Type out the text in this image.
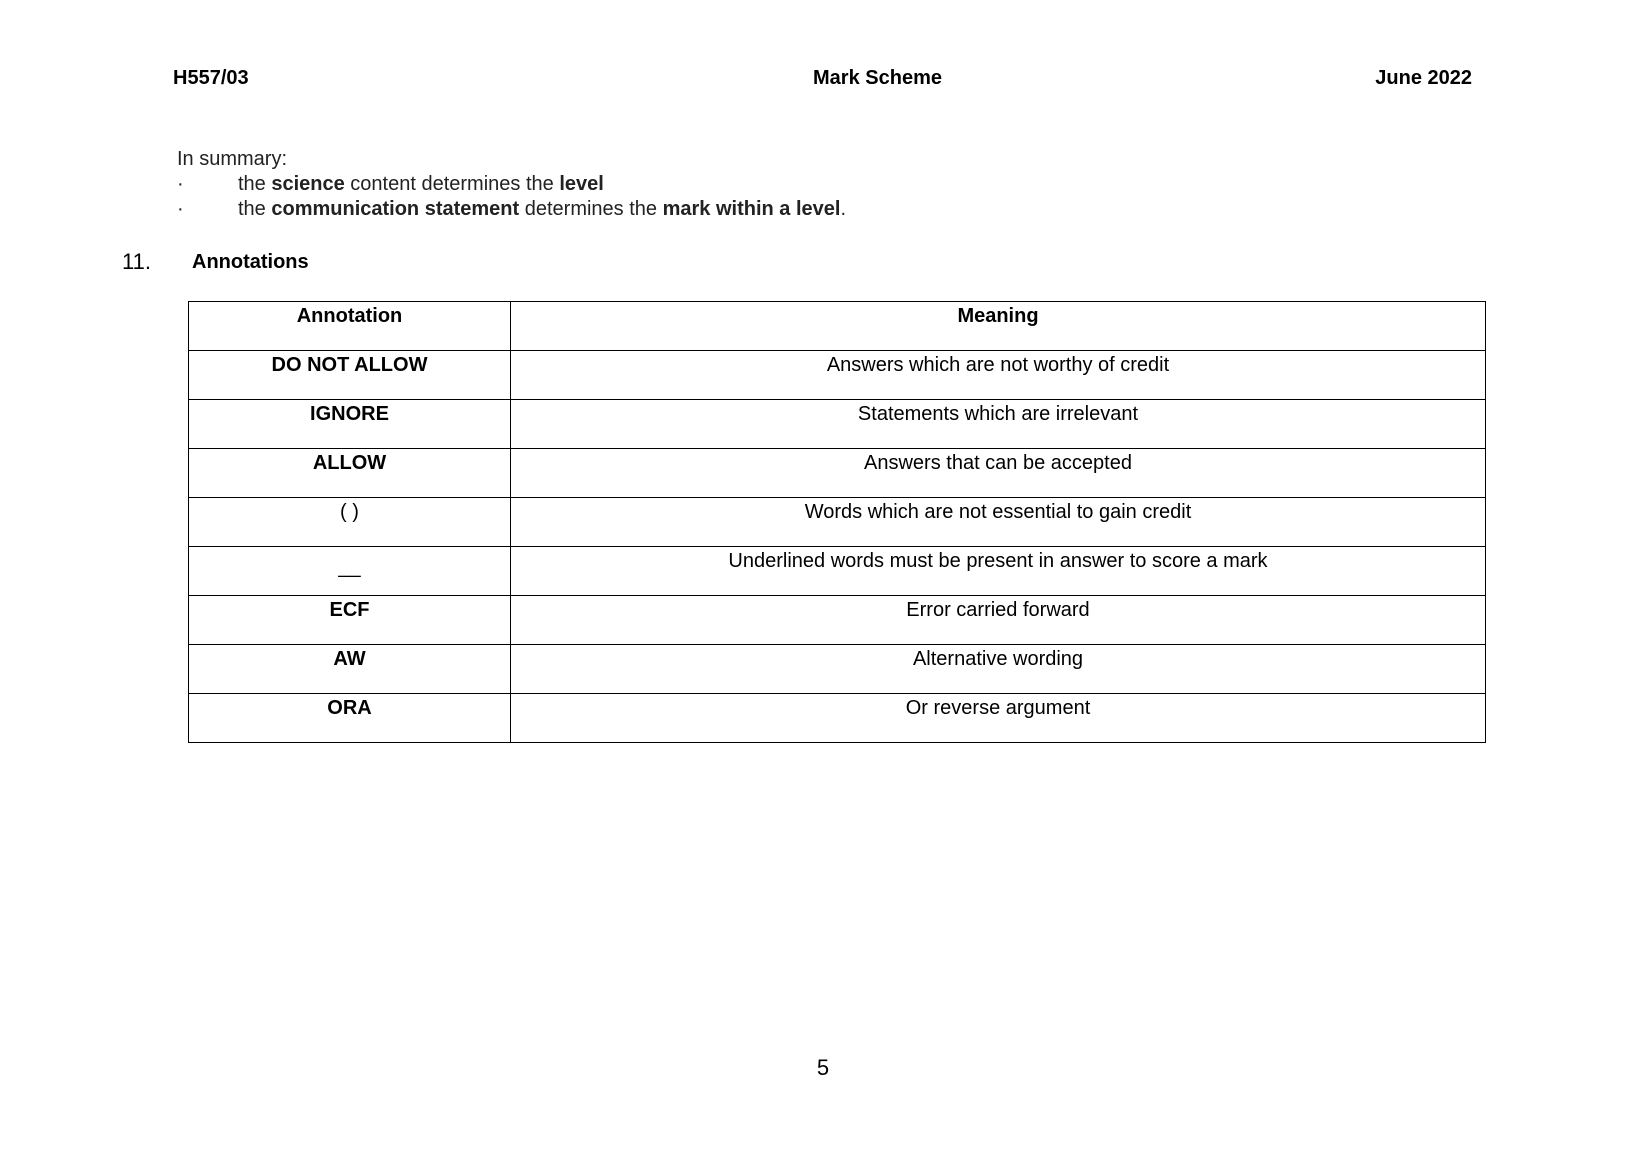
H557/03	Mark Scheme	June 2022
In summary:
·	the science content determines the level
·	the communication statement determines the mark within a level.
11. Annotations
Annotation	Meaning

DO NOT ALLOW	Answers which are not worthy of credit

IGNORE	Statements which are irrelevant

ALLOW	Answers that can be accepted

( )	Words which are not essential to gain credit

__	Underlined words must be present in answer to score a mark

ECF	Error carried forward

AW	Alternative wording

ORA	Or reverse argument
5
